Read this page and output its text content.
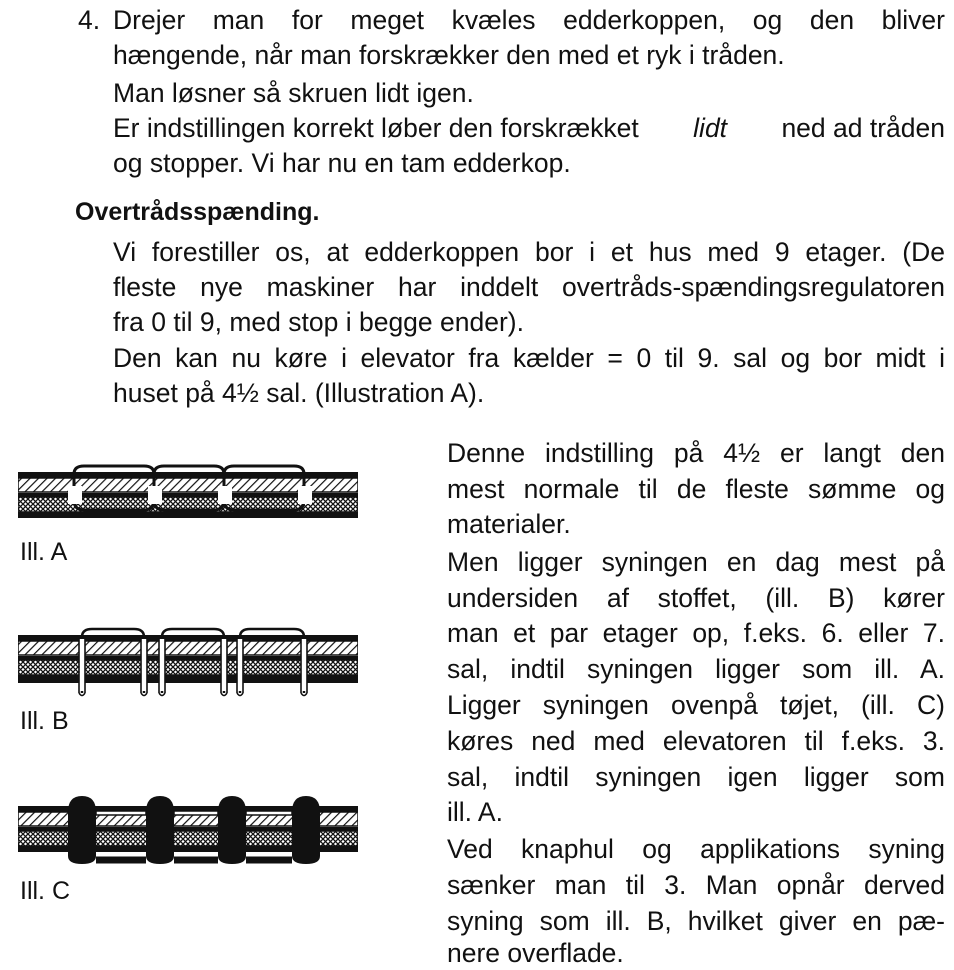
4. Drejer man for meget kvæles edderkoppen, og den bliver
hængende, når man forskrækker den med et ryk i tråden.
Man løsner så skruen lidt igen.
Er indstillingen korrekt løber den forskrækket lidt ned ad tråden
og stopper. Vi har nu en tam edderkop.
Overtrådsspænding.
Vi forestiller os, at edderkoppen bor i et hus med 9 etager. (De
fleste nye maskiner har inddelt overtråds-spændingsregulatoren
fra 0 til 9, med stop i begge ender).
Den kan nu køre i elevator fra kælder = 0 til 9. sal og bor midt i
huset på 4½ sal. (Illustration A).
Ill. A
Ill. B
Ill. C
Denne indstilling på 4½ er langt den
mest normale til de fleste sømme og
materialer.
Men ligger syningen en dag mest på
undersiden af stoffet, (ill. B) kører
man et par etager op, f.eks. 6. eller 7.
sal, indtil syningen ligger som ill. A.
Ligger syningen ovenpå tøjet, (ill. C)
køres ned med elevatoren til f.eks. 3.
sal, indtil syningen igen ligger som
ill. A.
Ved knaphul og applikations syning
sænker man til 3. Man opnår derved
syning som ill. B, hvilket giver en pæ-
nere overflade.
